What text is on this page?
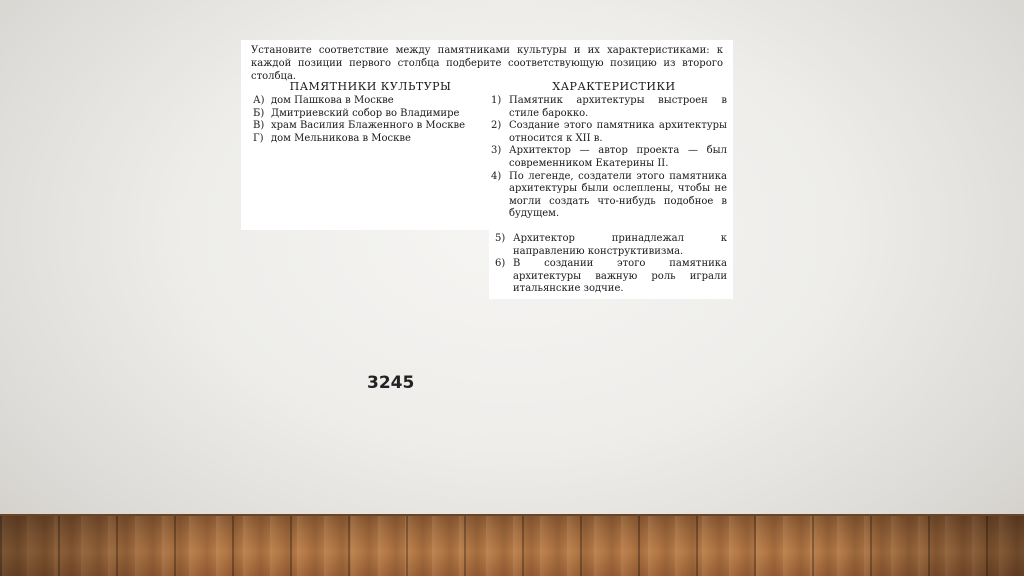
Установите соответствие между памятниками культуры и их характеристиками: к каждой позиции первого столбца подберите соответствующую позицию из второго столбца.
ПАМЯТНИКИ КУЛЬТУРЫ
А) дом Пашкова в Москве
Б) Дмитриевский собор во Владимире
В) храм Василия Блаженного в Москве
Г) дом Мельникова в Москве
ХАРАКТЕРИСТИКИ
1) Памятник архитектуры выстроен в стиле барокко.
2) Создание этого памятника архитектуры относится к XII в.
3) Архитектор — автор проекта — был современником Екатерины II.
4) По легенде, создатели этого памятника архитектуры были ослеплены, чтобы не могли создать что-нибудь подобное в будущем.
5) Архитектор принадлежал к направлению конструктивизма.
6) В создании этого памятника архитектуры важную роль играли итальянские зодчие.
3245
